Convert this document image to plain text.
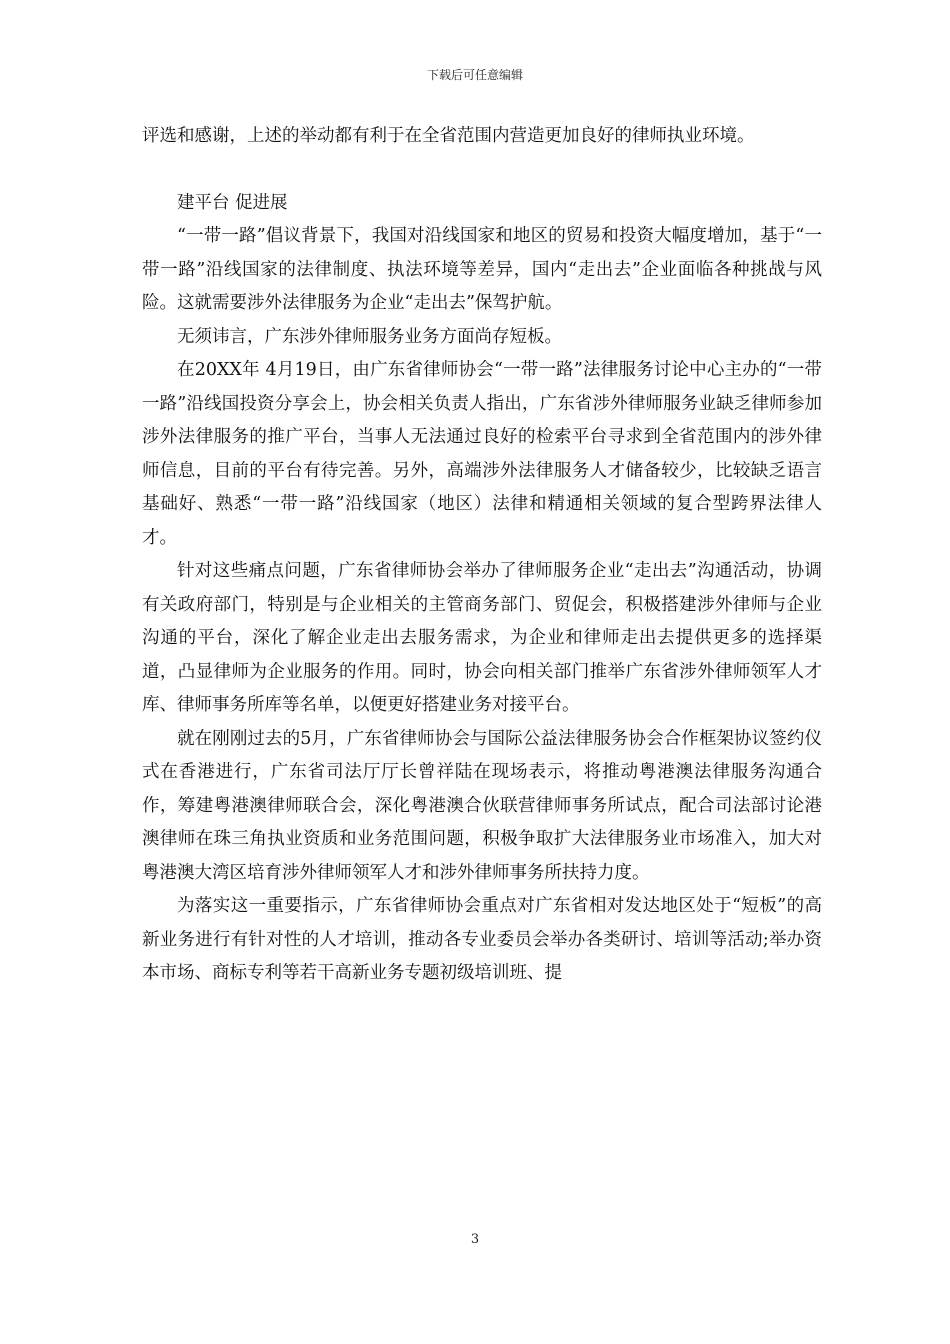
下载后可任意编辑

评选和感谢，上述的举动都有利于在全省范围内营造更加良好的律师执业环境。

建平台 促进展

“一带一路”倡议背景下，我国对沿线国家和地区的贸易和投资大幅度增加，基于“一带一路”沿线国家的法律制度、执法环境等差异，国内“走出去”企业面临各种挑战与风险。这就需要涉外法律服务为企业“走出去”保驾护航。

无须讳言，广东涉外律师服务业务方面尚存短板。

在20XX年 4月19日，由广东省律师协会“一带一路”法律服务讨论中心主办的“一带一路”沿线国投资分享会上，协会相关负责人指出，广东省涉外律师服务业缺乏律师参加涉外法律服务的推广平台，当事人无法通过良好的检索平台寻求到全省范围内的涉外律师信息，目前的平台有待完善。另外，高端涉外法律服务人才储备较少，比较缺乏语言基础好、熟悉“一带一路”沿线国家（地区）法律和精通相关领域的复合型跨界法律人才。

针对这些痛点问题，广东省律师协会举办了律师服务企业“走出去”沟通活动，协调有关政府部门，特别是与企业相关的主管商务部门、贸促会，积极搭建涉外律师与企业沟通的平台，深化了解企业走出去服务需求，为企业和律师走出去提供更多的选择渠道，凸显律师为企业服务的作用。同时，协会向相关部门推举广东省涉外律师领军人才库、律师事务所库等名单，以便更好搭建业务对接平台。

就在刚刚过去的5月，广东省律师协会与国际公益法律服务协会合作框架协议签约仪式在香港进行，广东省司法厅厅长曾祥陆在现场表示，将推动粤港澳法律服务沟通合作，筹建粤港澳律师联合会，深化粤港澳合伙联营律师事务所试点，配合司法部讨论港澳律师在珠三角执业资质和业务范围问题，积极争取扩大法律服务业市场准入，加大对粤港澳大湾区培育涉外律师领军人才和涉外律师事务所扶持力度。

为落实这一重要指示，广东省律师协会重点对广东省相对发达地区处于“短板”的高新业务进行有针对性的人才培训，推动各专业委员会举办各类研讨、培训等活动;举办资本市场、商标专利等若干高新业务专题初级培训班、提

3
